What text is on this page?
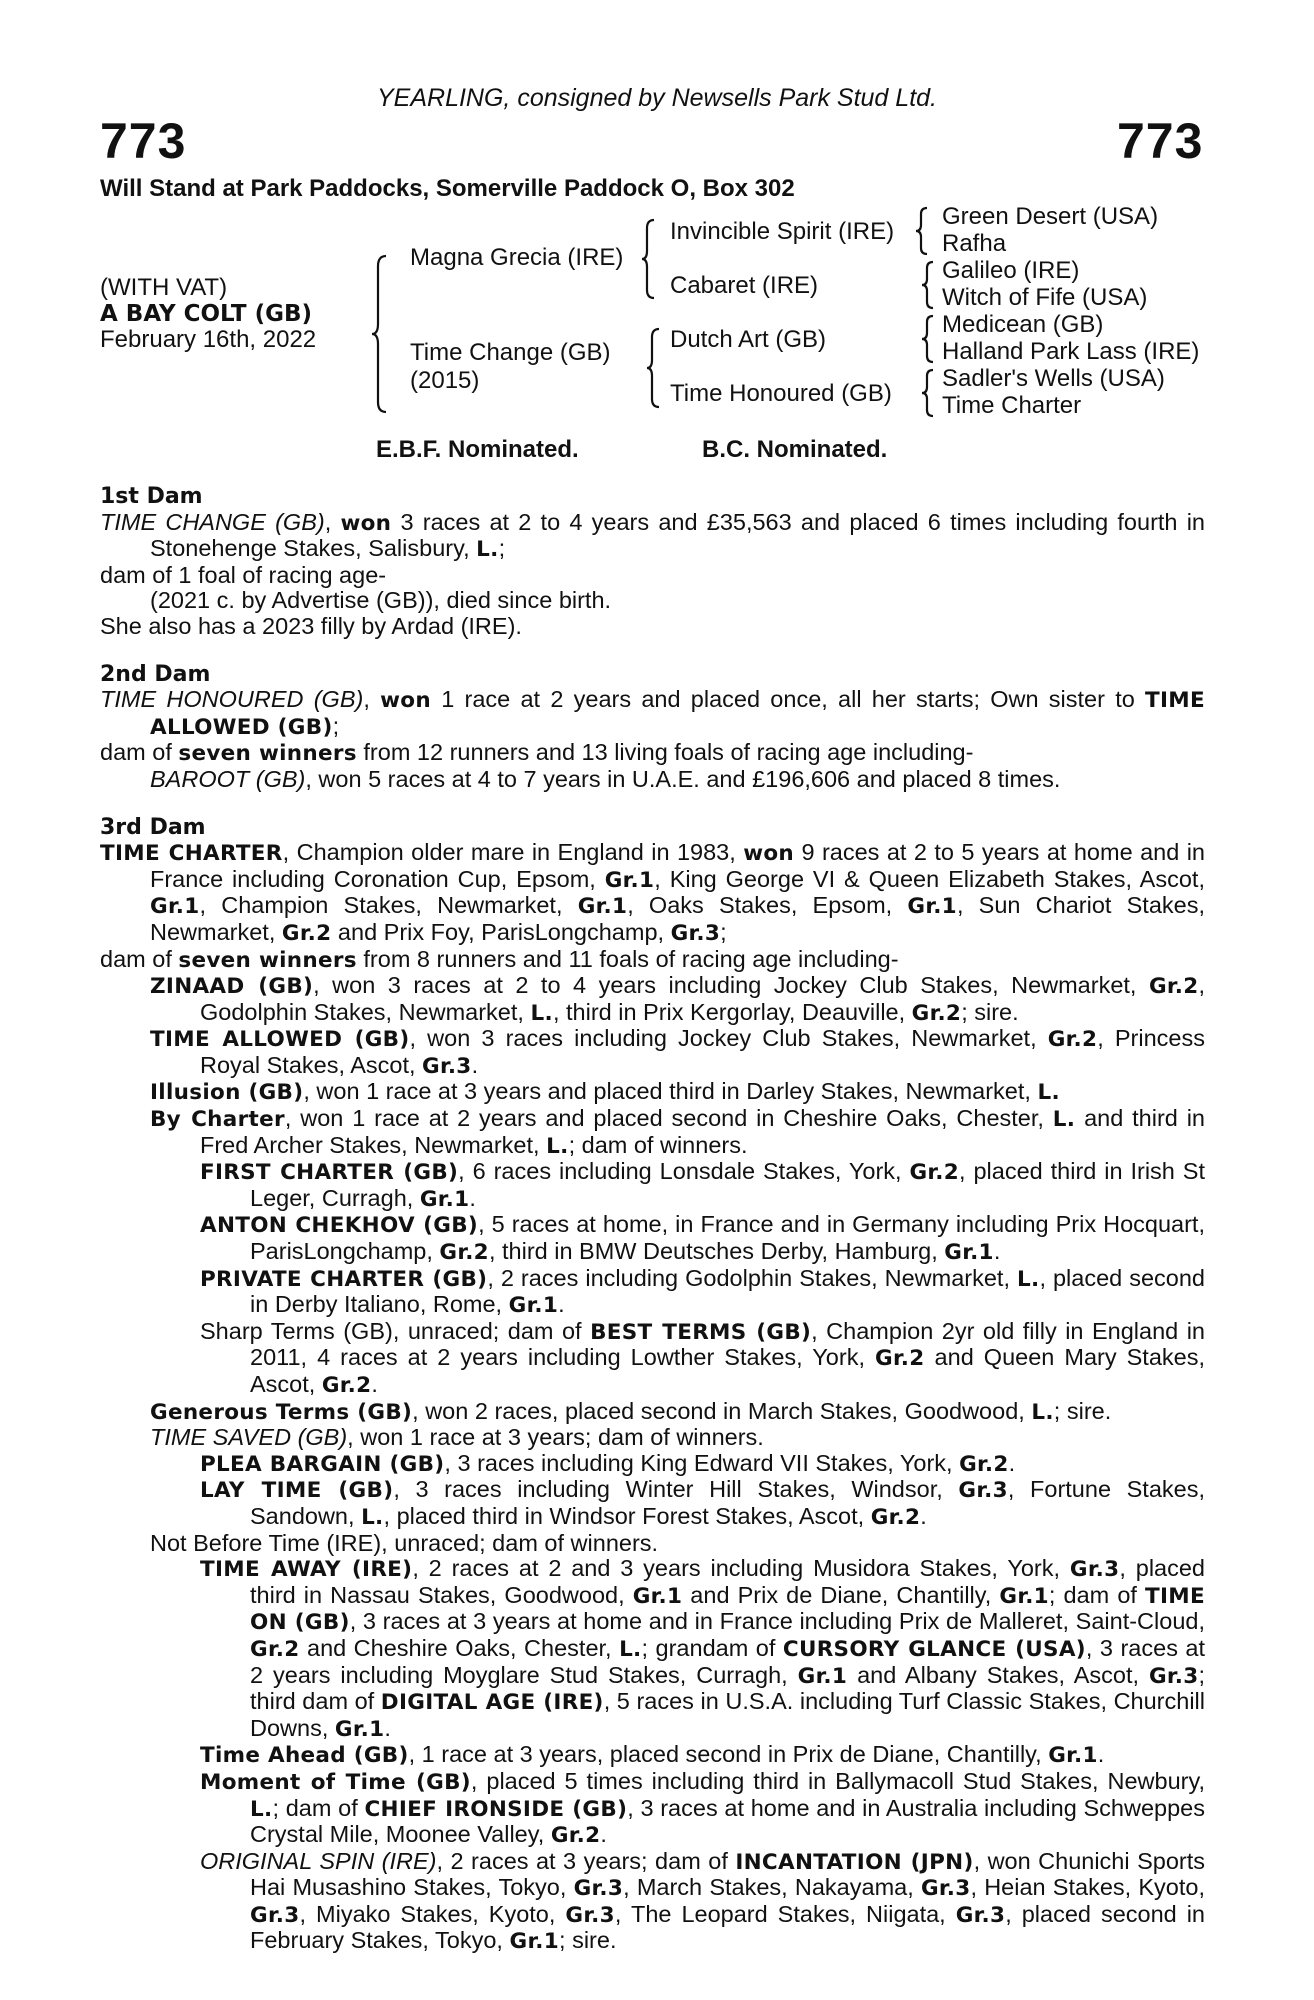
YEARLING, consigned by Newsells Park Stud Ltd.
773	773
Will Stand at Park Paddocks, Somerville Paddock O, Box 302
(WITH VAT)
A BAY COLT (GB)
February 16th, 2022
Magna Grecia (IRE)
Time Change (GB)
(2015)
Invincible Spirit (IRE)
Cabaret (IRE)
Dutch Art (GB)
Time Honoured (GB)
Green Desert (USA)
Rafha
Galileo (IRE)
Witch of Fife (USA)
Medicean (GB)
Halland Park Lass (IRE)
Sadler's Wells (USA)
Time Charter
E.B.F. Nominated.	B.C. Nominated.
1st Dam
TIME CHANGE (GB), won 3 races at 2 to 4 years and £35,563 and placed 6 times including fourth in Stonehenge Stakes, Salisbury, L.;
dam of 1 foal of racing age-
(2021 c. by Advertise (GB)), died since birth.
She also has a 2023 filly by Ardad (IRE).
2nd Dam
TIME HONOURED (GB), won 1 race at 2 years and placed once, all her starts; Own sister to TIME ALLOWED (GB);
dam of seven winners from 12 runners and 13 living foals of racing age including-
BAROOT (GB), won 5 races at 4 to 7 years in U.A.E. and £196,606 and placed 8 times.
3rd Dam
TIME CHARTER, Champion older mare in England in 1983, won 9 races at 2 to 5 years at home and in France including Coronation Cup, Epsom, Gr.1, King George VI & Queen Elizabeth Stakes, Ascot, Gr.1, Champion Stakes, Newmarket, Gr.1, Oaks Stakes, Epsom, Gr.1, Sun Chariot Stakes, Newmarket, Gr.2 and Prix Foy, ParisLongchamp, Gr.3;
dam of seven winners from 8 runners and 11 foals of racing age including-
ZINAAD (GB), won 3 races at 2 to 4 years including Jockey Club Stakes, Newmarket, Gr.2, Godolphin Stakes, Newmarket, L., third in Prix Kergorlay, Deauville, Gr.2; sire.
TIME ALLOWED (GB), won 3 races including Jockey Club Stakes, Newmarket, Gr.2, Princess Royal Stakes, Ascot, Gr.3.
Illusion (GB), won 1 race at 3 years and placed third in Darley Stakes, Newmarket, L.
By Charter, won 1 race at 2 years and placed second in Cheshire Oaks, Chester, L. and third in Fred Archer Stakes, Newmarket, L.; dam of winners.
FIRST CHARTER (GB), 6 races including Lonsdale Stakes, York, Gr.2, placed third in Irish St Leger, Curragh, Gr.1.
ANTON CHEKHOV (GB), 5 races at home, in France and in Germany including Prix Hocquart, ParisLongchamp, Gr.2, third in BMW Deutsches Derby, Hamburg, Gr.1.
PRIVATE CHARTER (GB), 2 races including Godolphin Stakes, Newmarket, L., placed second in Derby Italiano, Rome, Gr.1.
Sharp Terms (GB), unraced; dam of BEST TERMS (GB), Champion 2yr old filly in England in 2011, 4 races at 2 years including Lowther Stakes, York, Gr.2 and Queen Mary Stakes, Ascot, Gr.2.
Generous Terms (GB), won 2 races, placed second in March Stakes, Goodwood, L.; sire.
TIME SAVED (GB), won 1 race at 3 years; dam of winners.
PLEA BARGAIN (GB), 3 races including King Edward VII Stakes, York, Gr.2.
LAY TIME (GB), 3 races including Winter Hill Stakes, Windsor, Gr.3, Fortune Stakes, Sandown, L., placed third in Windsor Forest Stakes, Ascot, Gr.2.
Not Before Time (IRE), unraced; dam of winners.
TIME AWAY (IRE), 2 races at 2 and 3 years including Musidora Stakes, York, Gr.3, placed third in Nassau Stakes, Goodwood, Gr.1 and Prix de Diane, Chantilly, Gr.1; dam of TIME ON (GB), 3 races at 3 years at home and in France including Prix de Malleret, Saint-Cloud, Gr.2 and Cheshire Oaks, Chester, L.; grandam of CURSORY GLANCE (USA), 3 races at 2 years including Moyglare Stud Stakes, Curragh, Gr.1 and Albany Stakes, Ascot, Gr.3; third dam of DIGITAL AGE (IRE), 5 races in U.S.A. including Turf Classic Stakes, Churchill Downs, Gr.1.
Time Ahead (GB), 1 race at 3 years, placed second in Prix de Diane, Chantilly, Gr.1.
Moment of Time (GB), placed 5 times including third in Ballymacoll Stud Stakes, Newbury, L.; dam of CHIEF IRONSIDE (GB), 3 races at home and in Australia including Schweppes Crystal Mile, Moonee Valley, Gr.2.
ORIGINAL SPIN (IRE), 2 races at 3 years; dam of INCANTATION (JPN), won Chunichi Sports Hai Musashino Stakes, Tokyo, Gr.3, March Stakes, Nakayama, Gr.3, Heian Stakes, Kyoto, Gr.3, Miyako Stakes, Kyoto, Gr.3, The Leopard Stakes, Niigata, Gr.3, placed second in February Stakes, Tokyo, Gr.1; sire.
